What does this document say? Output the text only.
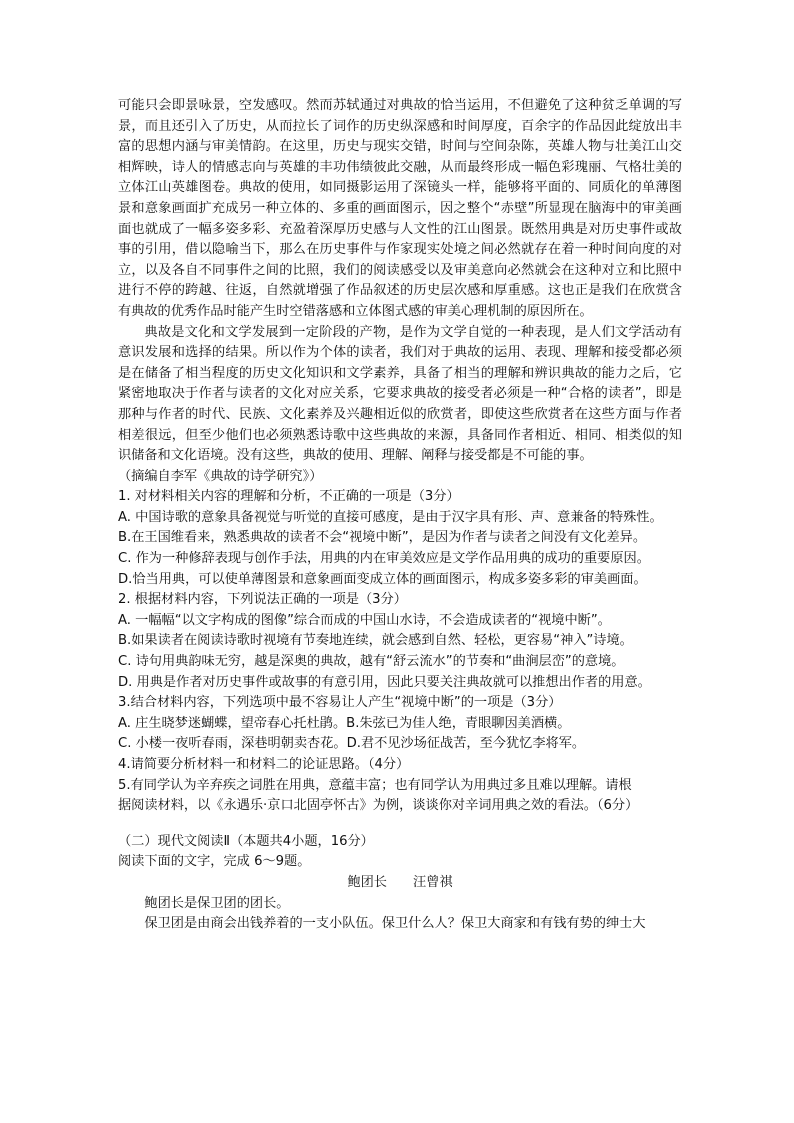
可能只会即景咏景，空发感叹。然而苏轼通过对典故的恰当运用，不但避免了这种贫乏单调的写景，而且还引入了历史，从而拉长了词作的历史纵深感和时间厚度，百余字的作品因此绽放出丰富的思想内涵与审美情韵。在这里，历史与现实交错，时间与空间杂陈，英雄人物与壮美江山交相辉映，诗人的情感志向与英雄的丰功伟绩彼此交融，从而最终形成一幅色彩瑰丽、气格壮美的立体江山英雄图卷。典故的使用，如同摄影运用了深镜头一样，能够将平面的、同质化的单薄图景和意象画面扩充成另一种立体的、多重的画面图示，因之整个“赤壁”所显现在脑海中的审美画面也就成了一幅多姿多彩、充盈着深厚历史感与人文性的江山图景。既然用典是对历史事件或故事的引用，借以隐喻当下，那么在历史事件与作家现实处境之间必然就存在着一种时间向度的对立，以及各自不同事件之间的比照，我们的阅读感受以及审美意向必然就会在这种对立和比照中进行不停的跨越、往返，自然就增强了作品叙述的历史层次感和厚重感。这也正是我们在欣赏含有典故的优秀作品时能产生时空错落感和立体图式感的审美心理机制的原因所在。

典故是文化和文学发展到一定阶段的产物，是作为文学自觉的一种表现，是人们文学活动有意识发展和选择的结果。所以作为个体的读者，我们对于典故的运用、表现、理解和接受都必须是在储备了相当程度的历史文化知识和文学素养，具备了相当的理解和辨识典故的能力之后，它紧密地取决于作者与读者的文化对应关系，它要求典故的接受者必须是一种“合格的读者”，即是那种与作者的时代、民族、文化素养及兴趣相近似的欣赏者，即使这些欣赏者在这些方面与作者相差很远，但至少他们也必须熟悉诗歌中这些典故的来源，具备同作者相近、相同、相类似的知识储备和文化语境。没有这些，典故的使用、理解、阐释与接受都是不可能的事。

（摘编自李军《典故的诗学研究》）

1. 对材料相关内容的理解和分析，不正确的一项是（3分）

A. 中国诗歌的意象具备视觉与听觉的直接可感度，是由于汉字具有形、声、意兼备的特殊性。

B.在王国维看来，熟悉典故的读者不会“视境中断”，是因为作者与读者之间没有文化差异。

C. 作为一种修辞表现与创作手法，用典的内在审美效应是文学作品用典的成功的重要原因。

D.恰当用典，可以使单薄图景和意象画面变成立体的画面图示，构成多姿多彩的审美画面。

2. 根据材料内容，下列说法正确的一项是（3分）

A. 一幅幅“以文字构成的图像”综合而成的中国山水诗，不会造成读者的“视境中断”。

B.如果读者在阅读诗歌时视境有节奏地连续，就会感到自然、轻松，更容易“神入”诗境。

C. 诗句用典韵味无穷，越是深奥的典故，越有“舒云流水”的节奏和“曲涧层峦”的意境。

D. 用典是作者对历史事件或故事的有意引用，因此只要关注典故就可以推想出作者的用意。

3.结合材料内容，下列选项中最不容易让人产生“视境中断”的一项是（3分）

A. 庄生晓梦迷蝴蝶，望帝春心托杜鹃。B.朱弦已为佳人绝，青眼聊因美酒横。

C. 小楼一夜听春雨，深巷明朝卖杏花。D.君不见沙场征战苦，至今犹忆李将军。

4.请简要分析材料一和材料二的论证思路。（4分）

5.有同学认为辛弃疾之词胜在用典，意蕴丰富；也有同学认为用典过多且难以理解。请根

据阅读材料，以《永遇乐·京口北固亭怀古》为例，谈谈你对辛词用典之效的看法。（6分）

（二）现代文阅读Ⅱ（本题共4小题，16分）

阅读下面的文字，完成 6～9题。

鲍团长 汪曾祺

鲍团长是保卫团的团长。

保卫团是由商会出钱养着的一支小队伍。保卫什么人？保卫大商家和有钱有势的绅士大
